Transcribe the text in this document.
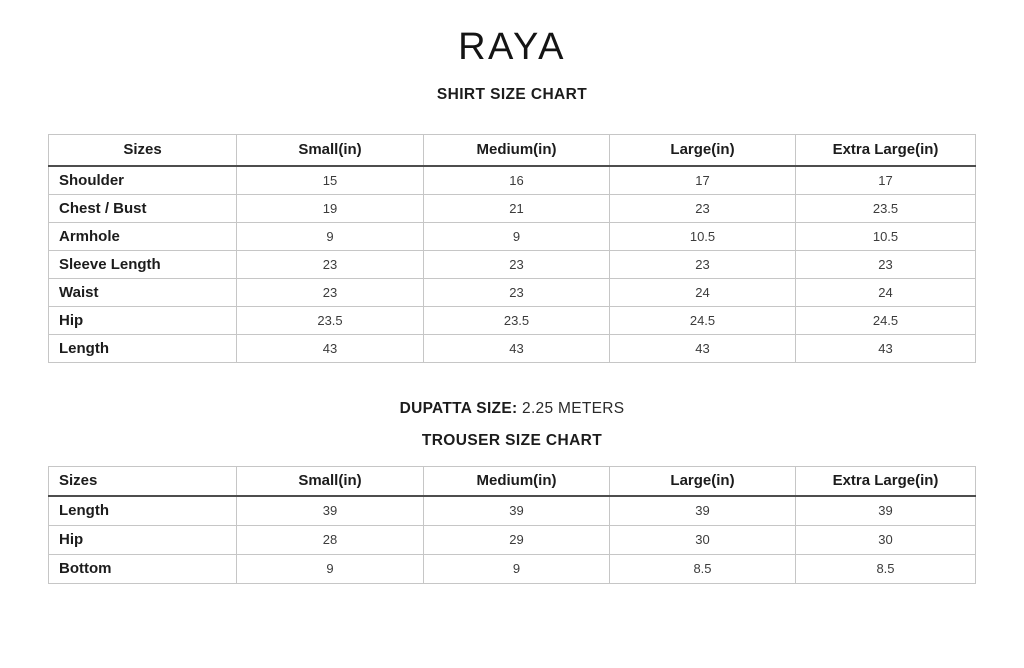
RAYA
SHIRT SIZE CHART
Sizes	Small(in)	Medium(in)	Large(in)	Extra Large(in)
Shoulder	15	16	17	17
Chest / Bust	19	21	23	23.5
Armhole	9	9	10.5	10.5
Sleeve Length	23	23	23	23
Waist	23	23	24	24
Hip	23.5	23.5	24.5	24.5
Length	43	43	43	43
DUPATTA SIZE: 2.25 METERS
TROUSER SIZE CHART
Sizes	Small(in)	Medium(in)	Large(in)	Extra Large(in)
Length	39	39	39	39
Hip	28	29	30	30
Bottom	9	9	8.5	8.5
